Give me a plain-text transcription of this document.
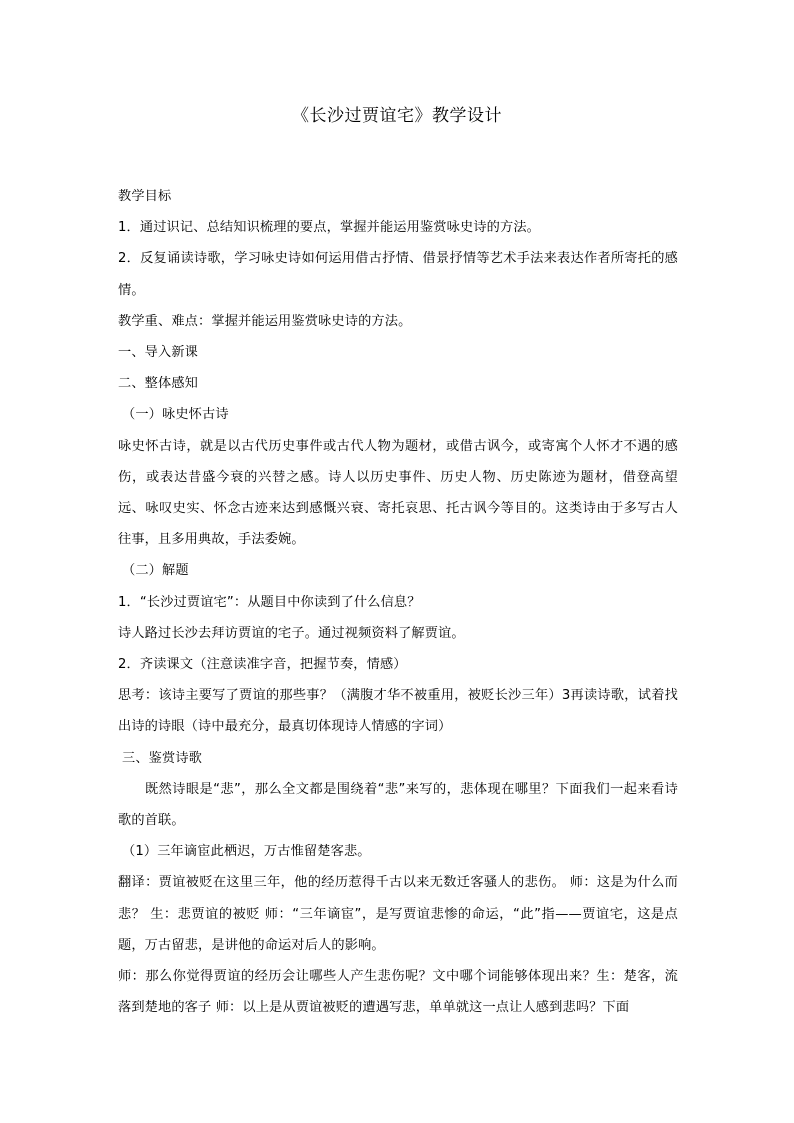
《长沙过贾谊宅》教学设计

教学目标

1．通过识记、总结知识梳理的要点，掌握并能运用鉴赏咏史诗的方法。

2．反复诵读诗歌，学习咏史诗如何运用借古抒情、借景抒情等艺术手法来表达作者所寄托的感情。

教学重、难点：掌握并能运用鉴赏咏史诗的方法。

一、导入新课

二、整体感知

（一）咏史怀古诗

咏史怀古诗，就是以古代历史事件或古代人物为题材，或借古讽今，或寄寓个人怀才不遇的感伤，或表达昔盛今衰的兴替之感。诗人以历史事件、历史人物、历史陈迹为题材，借登高望远、咏叹史实、怀念古迹来达到感慨兴衰、寄托哀思、托古讽今等目的。这类诗由于多写古人往事，且多用典故，手法委婉。

（二）解题

1．“长沙过贾谊宅”：从题目中你读到了什么信息？

诗人路过长沙去拜访贾谊的宅子。通过视频资料了解贾谊。

2．齐读课文（注意读准字音，把握节奏，情感）

思考：该诗主要写了贾谊的那些事？（满腹才华不被重用，被贬长沙三年）3再读诗歌，试着找出诗的诗眼（诗中最充分，最真切体现诗人情感的字词）

三、鉴赏诗歌

既然诗眼是“悲”，那么全文都是围绕着“悲”来写的，悲体现在哪里？下面我们一起来看诗歌的首联。

（1）三年谪宦此栖迟，万古惟留楚客悲。

翻译：贾谊被贬在这里三年，他的经历惹得千古以来无数迁客骚人的悲伤。 师：这是为什么而悲？ 生：悲贾谊的被贬 师：“三年谪宦”，是写贾谊悲惨的命运，“此”指——贾谊宅，这是点题，万古留悲，是讲他的命运对后人的影响。

师：那么你觉得贾谊的经历会让哪些人产生悲伤呢？文中哪个词能够体现出来？生：楚客，流落到楚地的客子 师：以上是从贾谊被贬的遭遇写悲，单单就这一点让人感到悲吗？下面
